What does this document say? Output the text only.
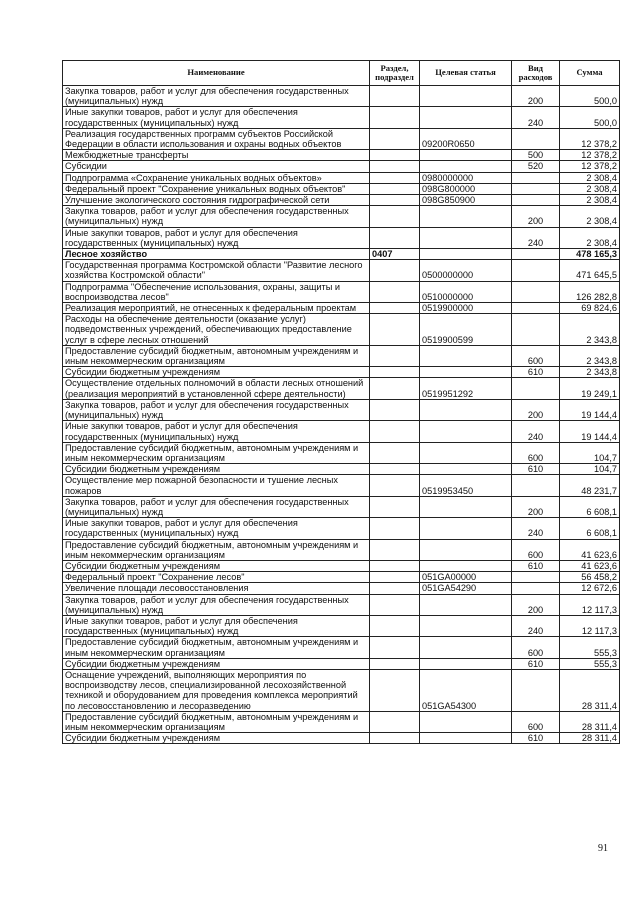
Наименование	Раздел, подраздел	Целевая статья	Вид расходов	Сумма
Закупка товаров, работ и услуг для обеспечения государственных (муниципальных) нужд			200	500,0
Иные закупки товаров, работ и услуг для обеспечения государственных (муниципальных) нужд			240	500,0
Реализация государственных программ субъектов Российской Федерации в области использования и охраны водных объектов		09200R0650		12 378,2
Межбюджетные трансферты			500	12 378,2
Субсидии			520	12 378,2
Подпрограмма «Сохранение уникальных водных объектов»		0980000000		2 308,4
Федеральный проект "Сохранение уникальных водных объектов"		098G800000		2 308,4
Улучшение экологического состояния гидрографической сети		098G850900		2 308,4
Закупка товаров, работ и услуг для обеспечения государственных (муниципальных) нужд			200	2 308,4
Иные закупки товаров, работ и услуг для обеспечения государственных (муниципальных) нужд			240	2 308,4
Лесное хозяйство	0407			478 165,3
Государственная программа Костромской области "Развитие лесного хозяйства Костромской области"		0500000000		471 645,5
Подпрограмма "Обеспечение использования, охраны, защиты и воспроизводства лесов"		0510000000		126 282,8
Реализация мероприятий, не отнесенных к федеральным проектам		0519900000		69 824,6
Расходы на обеспечение деятельности (оказание услуг) подведомственных учреждений, обеспечивающих предоставление услуг в сфере лесных отношений		0519900599		2 343,8
Предоставление субсидий бюджетным, автономным учреждениям и иным некоммерческим организациям			600	2 343,8
Субсидии бюджетным учреждениям			610	2 343,8
Осуществление отдельных полномочий в области лесных отношений (реализация мероприятий в установленной сфере деятельности)		0519951292		19 249,1
Закупка товаров, работ и услуг для обеспечения государственных (муниципальных) нужд			200	19 144,4
Иные закупки товаров, работ и услуг для обеспечения государственных (муниципальных) нужд			240	19 144,4
Предоставление субсидий бюджетным, автономным учреждениям и иным некоммерческим организациям			600	104,7
Субсидии бюджетным учреждениям			610	104,7
Осуществление мер пожарной безопасности и тушение лесных пожаров		0519953450		48 231,7
Закупка товаров, работ и услуг для обеспечения государственных (муниципальных) нужд			200	6 608,1
Иные закупки товаров, работ и услуг для обеспечения государственных (муниципальных) нужд			240	6 608,1
Предоставление субсидий бюджетным, автономным учреждениям и иным некоммерческим организациям			600	41 623,6
Субсидии бюджетным учреждениям			610	41 623,6
Федеральный проект "Сохранение лесов"		051GA00000		56 458,2
Увеличение площади лесовосстановления		051GA54290		12 672,6
Закупка товаров, работ и услуг для обеспечения государственных (муниципальных) нужд			200	12 117,3
Иные закупки товаров, работ и услуг для обеспечения государственных (муниципальных) нужд			240	12 117,3
Предоставление субсидий бюджетным, автономным учреждениям и иным некоммерческим организациям			600	555,3
Субсидии бюджетным учреждениям			610	555,3
Оснащение учреждений, выполняющих мероприятия по воспроизводству лесов, специализированной лесохозяйственной техникой и оборудованием для проведения комплекса мероприятий по лесовосстановлению и лесоразведению		051GA54300		28 311,4
Предоставление субсидий бюджетным, автономным учреждениям и иным некоммерческим организациям			600	28 311,4
Субсидии бюджетным учреждениям			610	28 311,4
91
